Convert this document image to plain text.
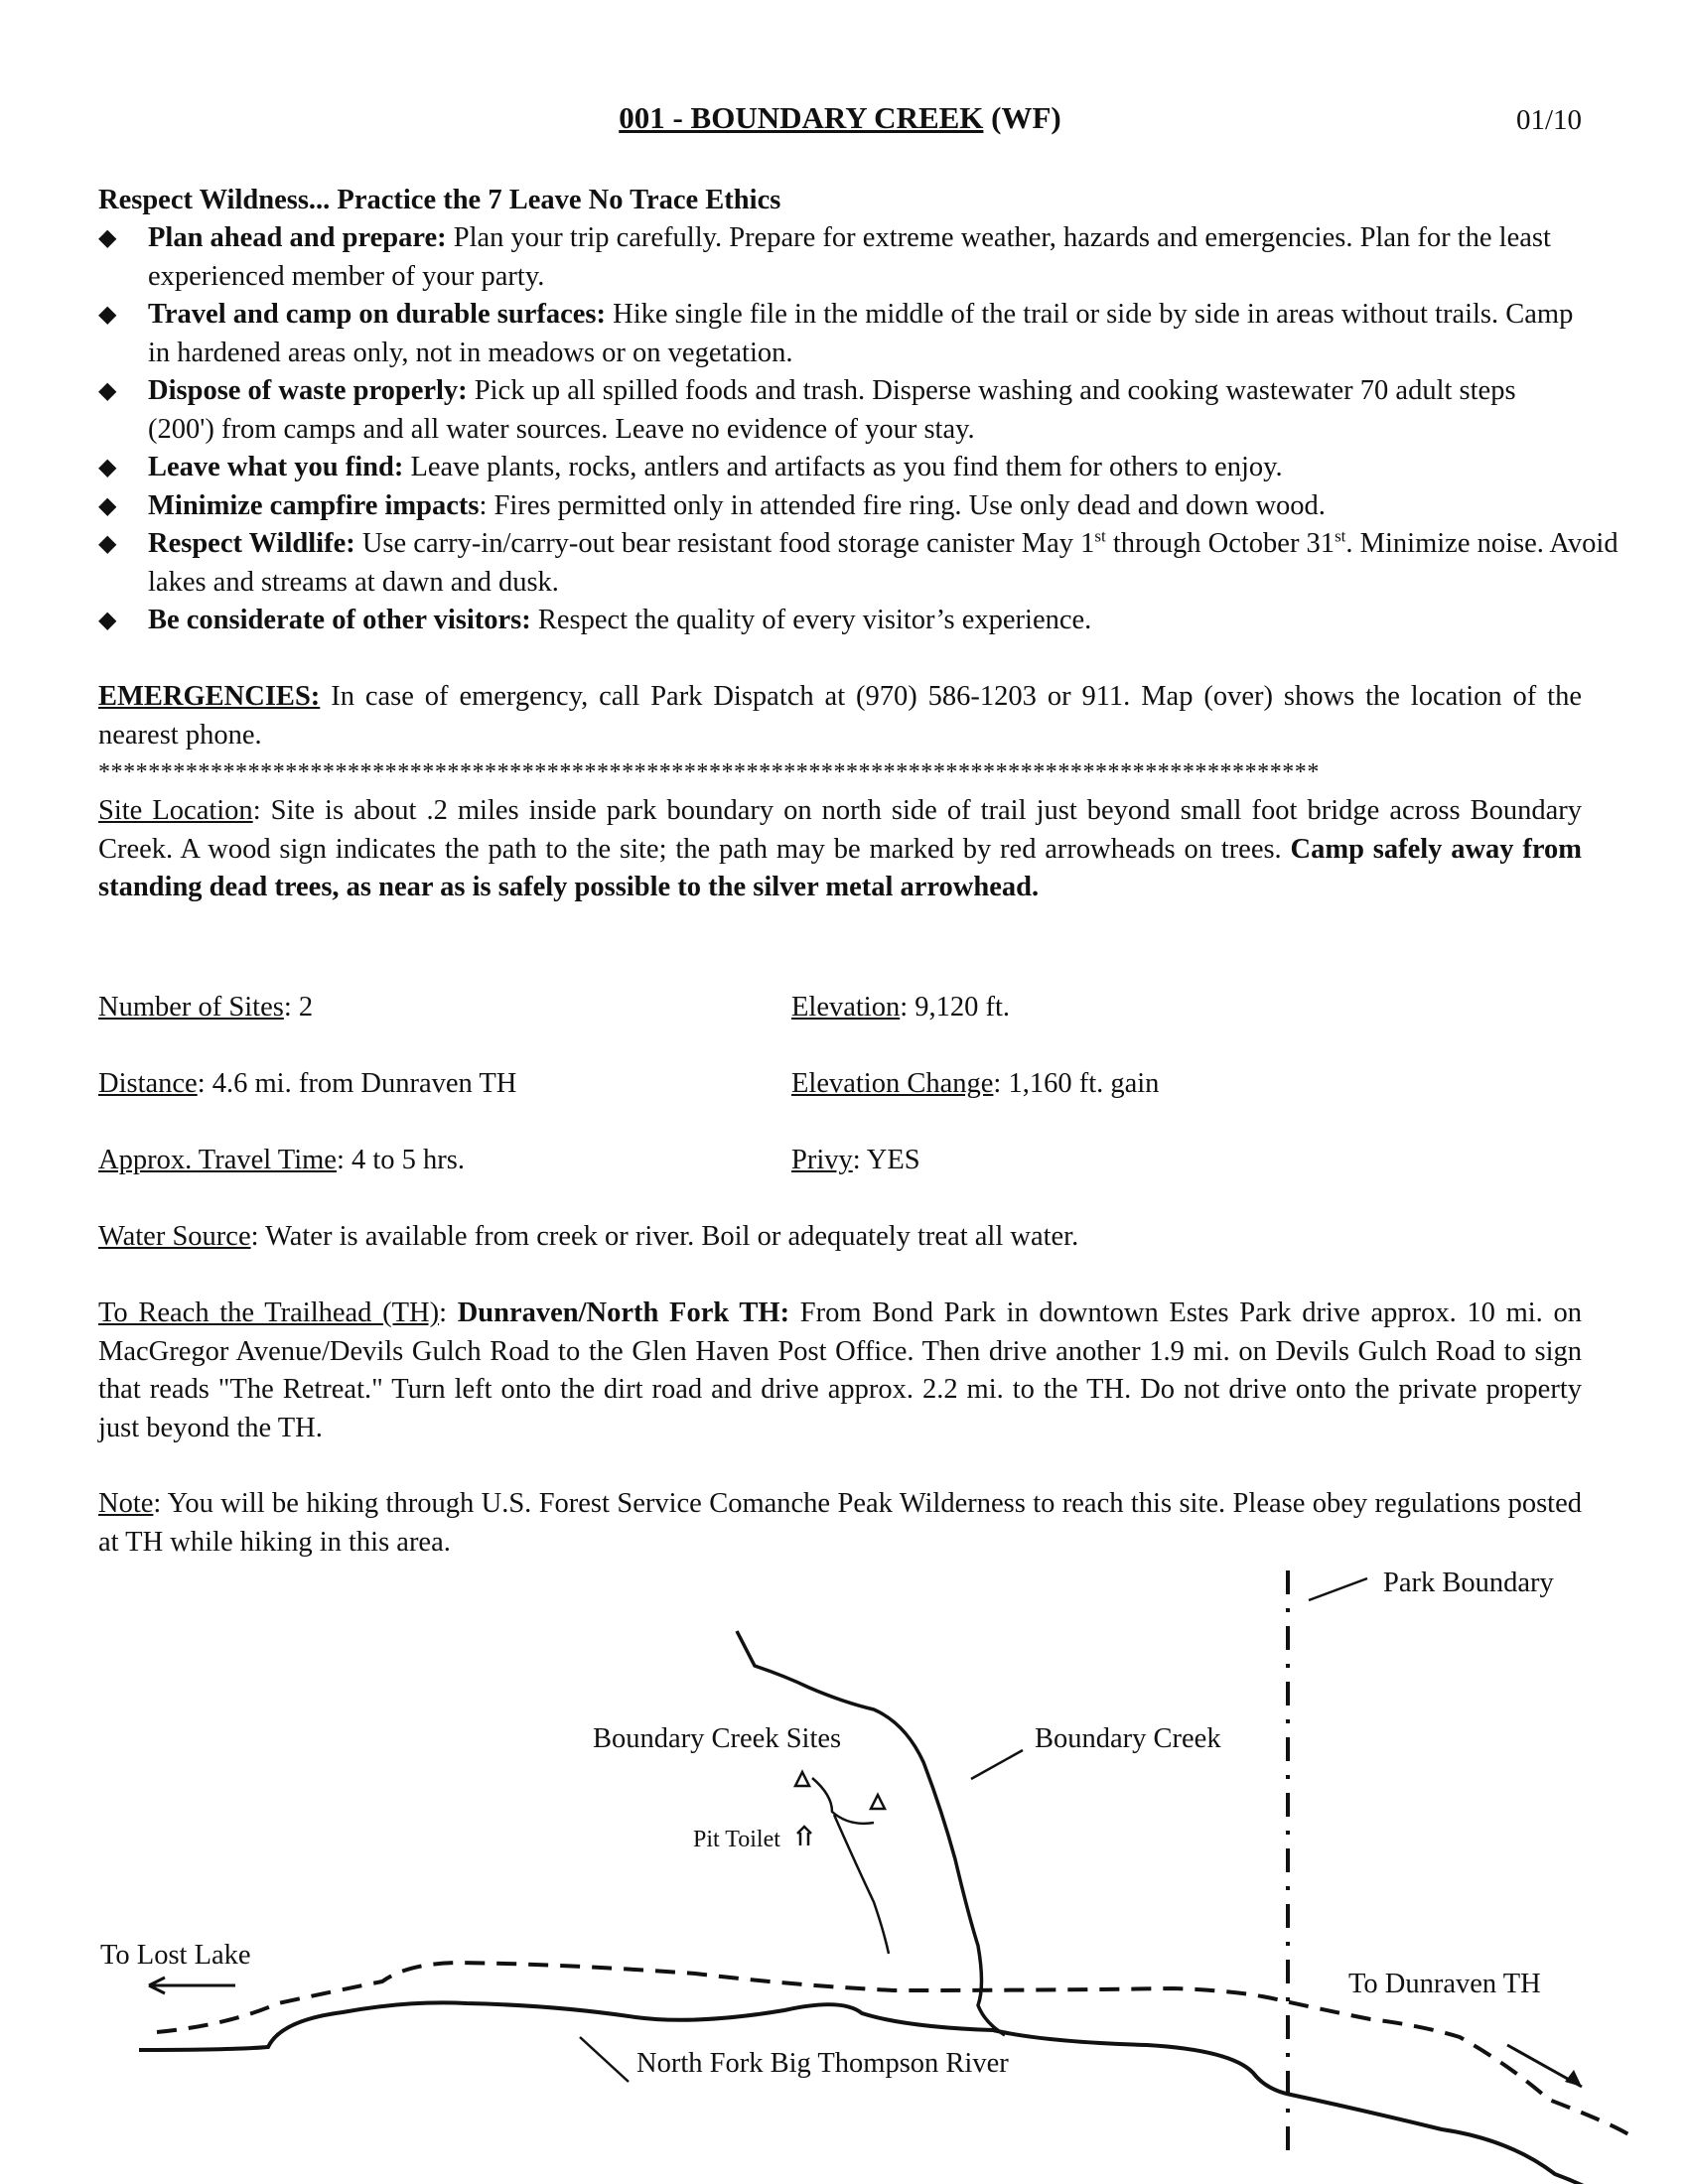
001 - BOUNDARY CREEK (WF)	01/10
Respect Wildness... Practice the 7 Leave No Trace Ethics
◆ Plan ahead and prepare: Plan your trip carefully. Prepare for extreme weather, hazards and emergencies. Plan for the least experienced member of your party.
◆ Travel and camp on durable surfaces: Hike single file in the middle of the trail or side by side in areas without trails. Camp in hardened areas only, not in meadows or on vegetation.
◆ Dispose of waste properly: Pick up all spilled foods and trash. Disperse washing and cooking wastewater 70 adult steps (200') from camps and all water sources. Leave no evidence of your stay.
◆ Leave what you find: Leave plants, rocks, antlers and artifacts as you find them for others to enjoy.
◆ Minimize campfire impacts: Fires permitted only in attended fire ring. Use only dead and down wood.
◆ Respect Wildlife: Use carry-in/carry-out bear resistant food storage canister May 1st through October 31st. Minimize noise. Avoid lakes and streams at dawn and dusk.
◆ Be considerate of other visitors: Respect the quality of every visitor’s experience.
EMERGENCIES: In case of emergency, call Park Dispatch at (970) 586-1203 or 911. Map (over) shows the location of the nearest phone.
**************************************************************************************************
Site Location: Site is about .2 miles inside park boundary on north side of trail just beyond small foot bridge across Boundary Creek. A wood sign indicates the path to the site; the path may be marked by red arrowheads on trees. Camp safely away from standing dead trees, as near as is safely possible to the silver metal arrowhead.
Number of Sites: 2	Elevation: 9,120 ft.
Distance: 4.6 mi. from Dunraven TH	Elevation Change: 1,160 ft. gain
Approx. Travel Time: 4 to 5 hrs.	Privy: YES
Water Source: Water is available from creek or river. Boil or adequately treat all water.
To Reach the Trailhead (TH): Dunraven/North Fork TH: From Bond Park in downtown Estes Park drive approx. 10 mi. on MacGregor Avenue/Devils Gulch Road to the Glen Haven Post Office. Then drive another 1.9 mi. on Devils Gulch Road to sign that reads "The Retreat." Turn left onto the dirt road and drive approx. 2.2 mi. to the TH. Do not drive onto the private property just beyond the TH.
Note: You will be hiking through U.S. Forest Service Comanche Peak Wilderness to reach this site. Please obey regulations posted at TH while hiking in this area.
Park Boundary
Boundary Creek Sites	Boundary Creek
Pit Toilet
To Lost Lake
To Dunraven TH
North Fork Big Thompson River
